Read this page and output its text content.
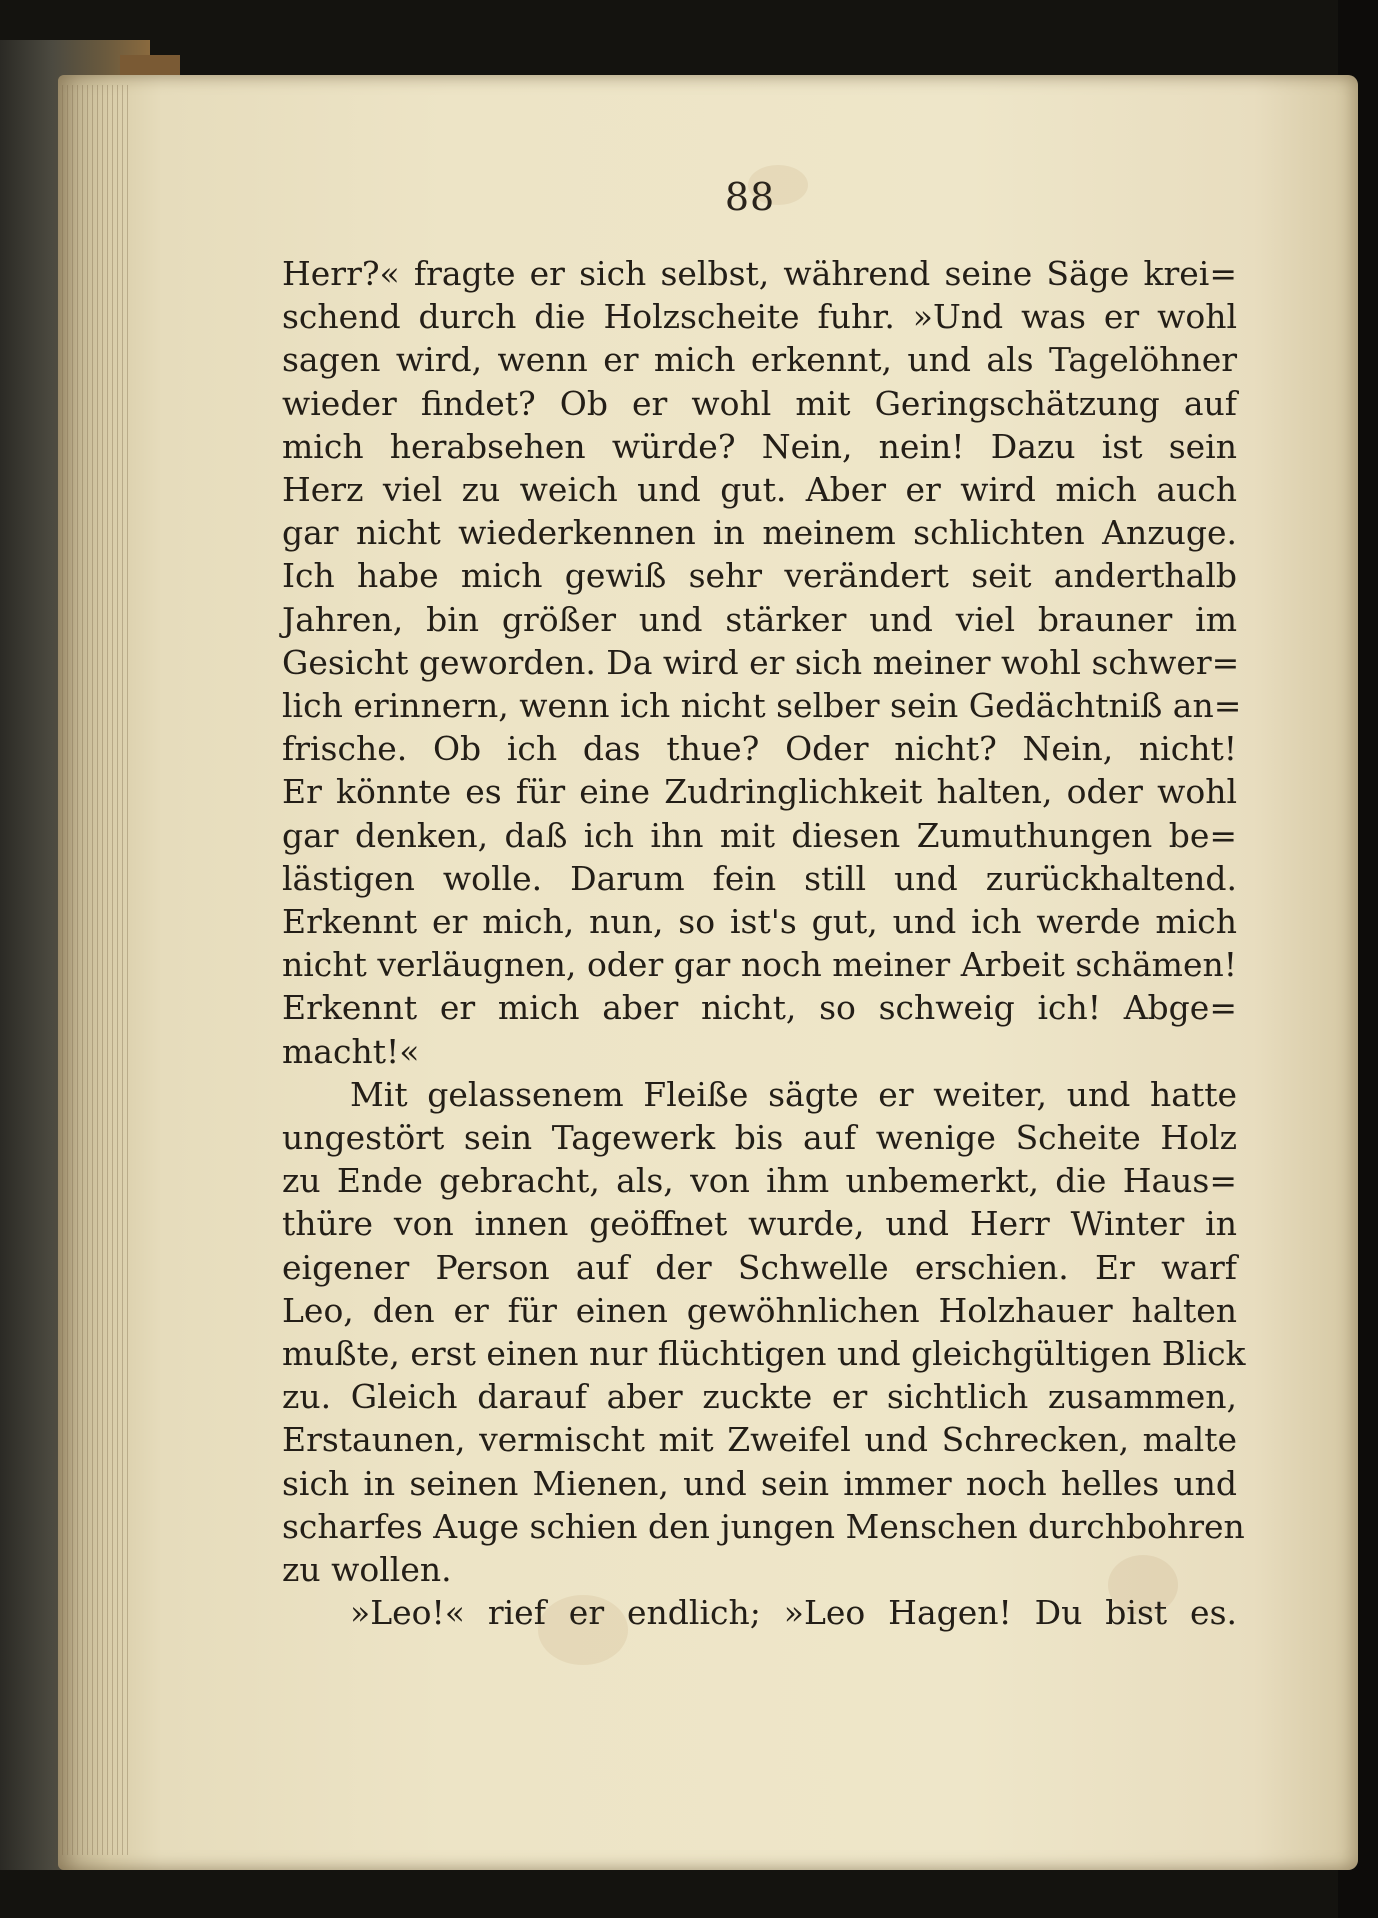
88
Herr?« fragte er sich selbst, während seine Säge krei=
schend durch die Holzscheite fuhr. »Und was er wohl
sagen wird, wenn er mich erkennt, und als Tagelöhner
wieder findet? Ob er wohl mit Geringschätzung auf
mich herabsehen würde? Nein, nein! Dazu ist sein
Herz viel zu weich und gut. Aber er wird mich auch
gar nicht wiederkennen in meinem schlichten Anzuge.
Ich habe mich gewiß sehr verändert seit anderthalb
Jahren, bin größer und stärker und viel brauner im
Gesicht geworden. Da wird er sich meiner wohl schwer=
lich erinnern, wenn ich nicht selber sein Gedächtniß an=
frische. Ob ich das thue? Oder nicht? Nein, nicht!
Er könnte es für eine Zudringlichkeit halten, oder wohl
gar denken, daß ich ihn mit diesen Zumuthungen be=
lästigen wolle. Darum fein still und zurückhaltend.
Erkennt er mich, nun, so ist's gut, und ich werde mich
nicht verläugnen, oder gar noch meiner Arbeit schämen!
Erkennt er mich aber nicht, so schweig ich! Abge=
macht!«
Mit gelassenem Fleiße sägte er weiter, und hatte
ungestört sein Tagewerk bis auf wenige Scheite Holz
zu Ende gebracht, als, von ihm unbemerkt, die Haus=
thüre von innen geöffnet wurde, und Herr Winter in
eigener Person auf der Schwelle erschien. Er warf
Leo, den er für einen gewöhnlichen Holzhauer halten
mußte, erst einen nur flüchtigen und gleichgültigen Blick
zu. Gleich darauf aber zuckte er sichtlich zusammen,
Erstaunen, vermischt mit Zweifel und Schrecken, malte
sich in seinen Mienen, und sein immer noch helles und
scharfes Auge schien den jungen Menschen durchbohren
zu wollen.
»Leo!« rief er endlich; »Leo Hagen! Du bist es.
